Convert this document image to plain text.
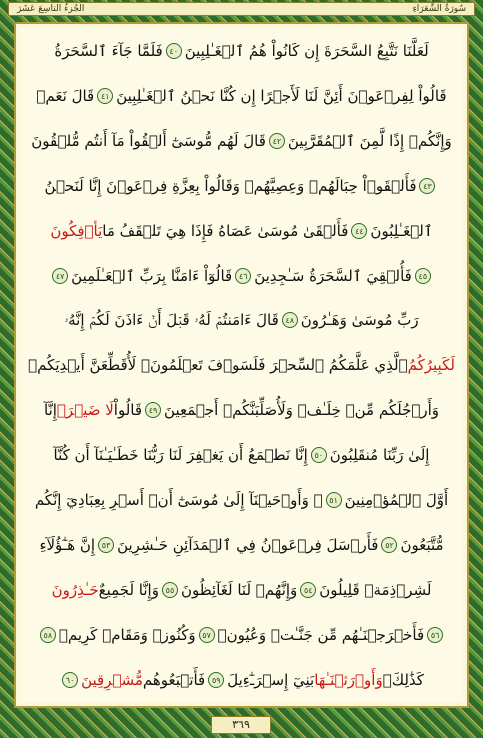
الجُزءُ التاسِعَ عَشَرَ	سُورَةُ الشُّعَرَاءِ
لَعَلَّنَا نَتَّبِعُ السَّحَرَةَ إِن كَانُواْ هُمُ ٱلۡغَـٰلِبِينَ
٤٠
فَلَمَّا جَآءَ ٱلسَّحَرَةُ
قَالُواْ لِفِرۡعَوۡنَ أَئِنَّ لَنَا لَأَجۡرًا إِن كُنَّا نَحۡنُ ٱلۡغَـٰلِبِينَ
٤١
قَالَ نَعَمۡ
وَإِنَّكُمۡ إِذًا لَّمِنَ ٱلۡمُقَرَّبِينَ
٤٢
قَالَ لَهُم مُّوسَىٰٓ أَلۡقُواْ مَآ أَنتُم مُّلۡقُونَ
٤٣
فَأَلۡقَوۡاْ حِبَالَهُمۡ وَعِصِيَّهُمۡ وَقَالُواْ بِعِزَّةِ فِرۡعَوۡنَ إِنَّا لَنَحۡنُ
ٱلۡغَـٰلِبُونَ
٤٤
فَأَلۡقَىٰ مُوسَىٰ عَصَاهُ فَإِذَا هِيَ تَلۡقَفُ مَا
يَأۡفِكُونَ
٤٥
فَأُلۡقِيَ ٱلسَّحَرَةُ سَـٰجِدِينَ
٤٦
قَالُوٓاْ ءَامَنَّا بِرَبِّ ٱلۡعَـٰلَمِينَ
٤٧
رَبِّ مُوسَىٰ وَهَـٰرُونَ
٤٨
قَالَ ءَامَنتُمۡ لَهُۥ قَبۡلَ أَنۡ ءَاذَنَ لَكُمۡ إِنَّهُۥ
لَكَبِيرُكُمُ
ٱلَّذِي عَلَّمَكُمُ ٱلسِّحۡرَ فَلَسَوۡفَ تَعۡلَمُونَۚ لَأُقَطِّعَنَّ أَيۡدِيَكُمۡ
وَأَرۡجُلَكُم مِّنۡ خِلَـٰفٖ وَلَأُصَلِّبَنَّكُمۡ أَجۡمَعِينَ
٤٩
قَالُواْ
لَا ضَيۡرَۖ
إِنَّآ
إِلَىٰ رَبِّنَا مُنقَلِبُونَ
٥٠
إِنَّا نَطۡمَعُ أَن يَغۡفِرَ لَنَا رَبُّنَا خَطَـٰيَـٰنَآ أَن كُنَّآ
أَوَّلَ ٱلۡمُؤۡمِنِينَ
٥١
۞ وَأَوۡحَيۡنَآ إِلَىٰ مُوسَىٰٓ أَنۡ أَسۡرِ بِعِبَادِيٓ إِنَّكُم
مُّتَّبَعُونَ
٥٢
فَأَرۡسَلَ فِرۡعَوۡنُ فِي ٱلۡمَدَآئِنِ حَـٰشِرِينَ
٥٣
إِنَّ هَـٰٓؤُلَآءِ
لَشِرۡذِمَةٞ قَلِيلُونَ
٥٤
وَإِنَّهُمۡ لَنَا لَغَآئِظُونَ
٥٥
وَإِنَّا لَجَمِيعٌ
حَـٰذِرُونَ
٥٦
فَأَخۡرَجۡنَـٰهُم مِّن جَنَّـٰتٖ وَعُيُونٖ
٥٧
وَكُنُوزٖ وَمَقَامٖ كَرِيمٖ
٥٨
كَذَٰلِكَۖ
وَأَوۡرَثۡنَـٰهَا
بَنِيٓ إِسۡرَـٰٓءِيلَ
٥٩
فَأَتۡبَعُوهُم
مُّشۡرِقِينَ
٦٠
٣٦٩
